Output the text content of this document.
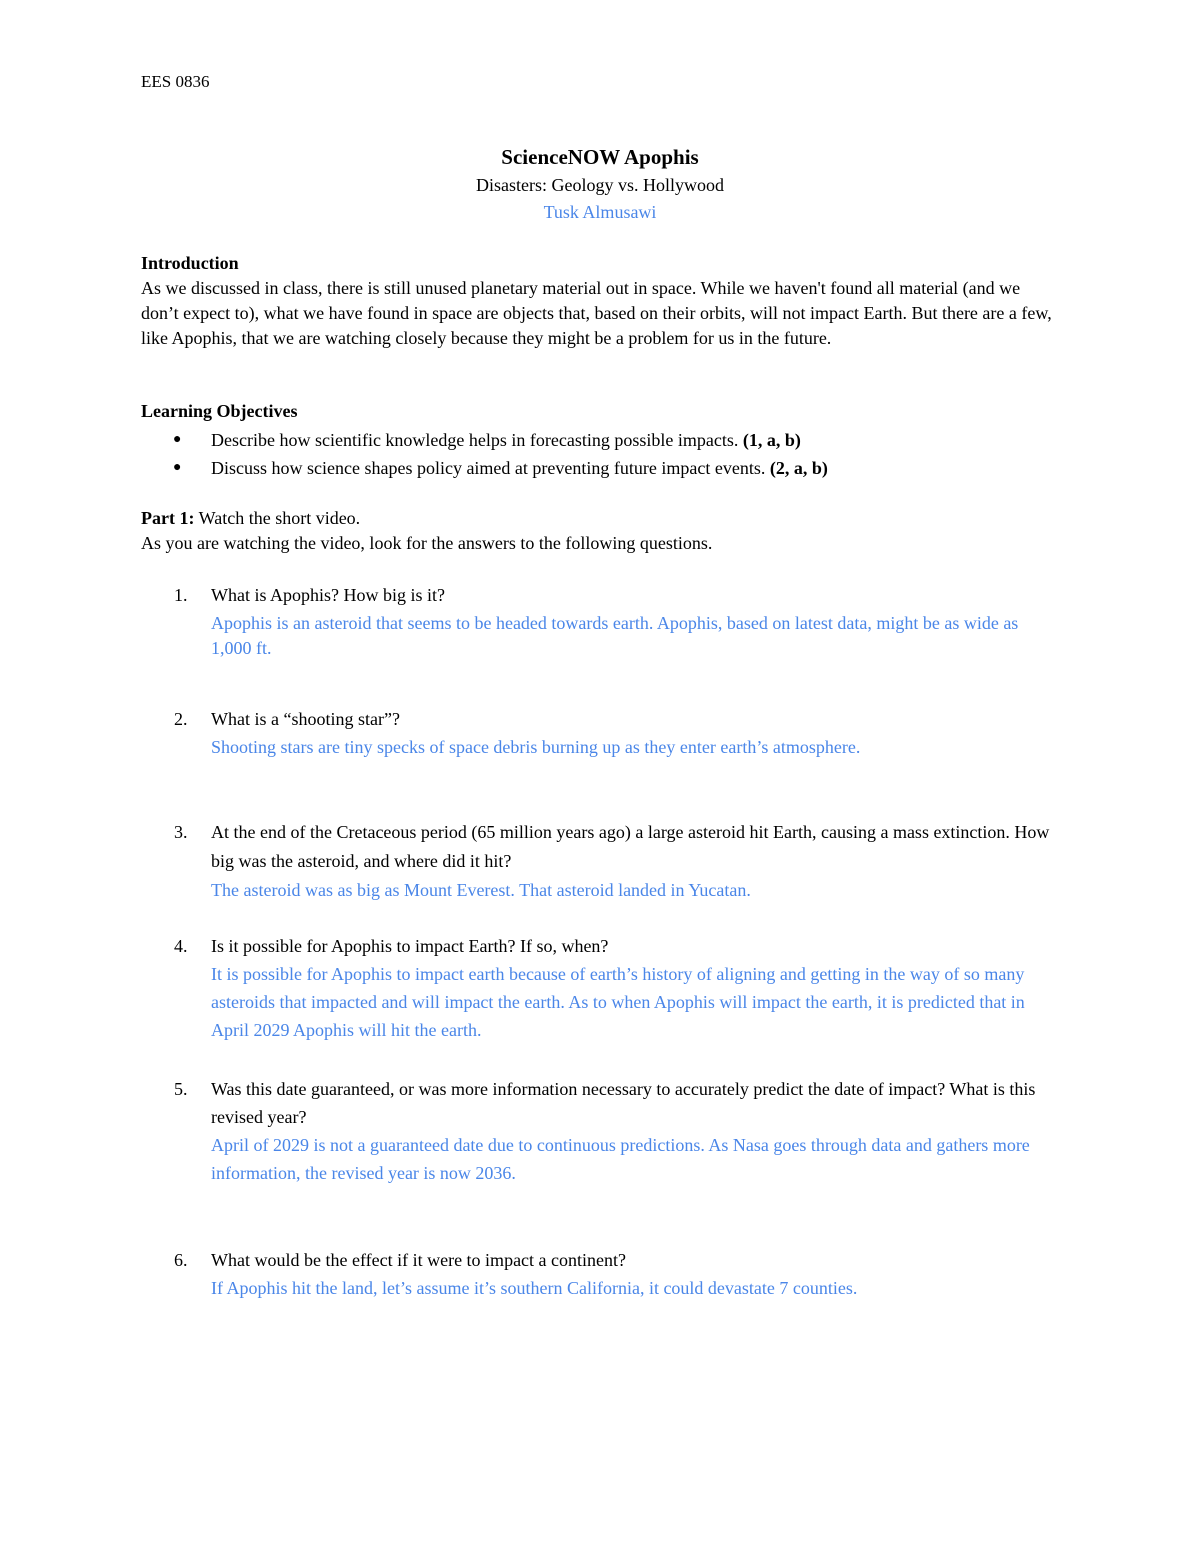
EES 0836
ScienceNOW Apophis
Disasters: Geology vs. Hollywood
Tusk Almusawi
Introduction

As we discussed in class, there is still unused planetary material out in space. While we haven't found all material (and we don’t expect to), what we have found in space are objects that, based on their orbits, will not impact Earth. But there are a few, like Apophis, that we are watching closely because they might be a problem for us in the future.

Learning Objectives
● Describe how scientific knowledge helps in forecasting possible impacts. (1, a, b)
● Discuss how science shapes policy aimed at preventing future impact events. (2, a, b)
Part 1: Watch the short video.
As you are watching the video, look for the answers to the following questions.
1. What is Apophis? How big is it?
Apophis is an asteroid that seems to be headed towards earth. Apophis, based on latest data, might be as wide as 1,000 ft.
2. What is a “shooting star”?
Shooting stars are tiny specks of space debris burning up as they enter earth’s atmosphere.
3. At the end of the Cretaceous period (65 million years ago) a large asteroid hit Earth, causing a mass extinction. How big was the asteroid, and where did it hit?
The asteroid was as big as Mount Everest. That asteroid landed in Yucatan.
4. Is it possible for Apophis to impact Earth? If so, when?
It is possible for Apophis to impact earth because of earth’s history of aligning and getting in the way of so many asteroids that impacted and will impact the earth. As to when Apophis will impact the earth, it is predicted that in April 2029 Apophis will hit the earth.
5. Was this date guaranteed, or was more information necessary to accurately predict the date of impact? What is this revised year?
April of 2029 is not a guaranteed date due to continuous predictions. As Nasa goes through data and gathers more information, the revised year is now 2036.
6. What would be the effect if it were to impact a continent?
If Apophis hit the land, let’s assume it’s southern California, it could devastate 7 counties.
